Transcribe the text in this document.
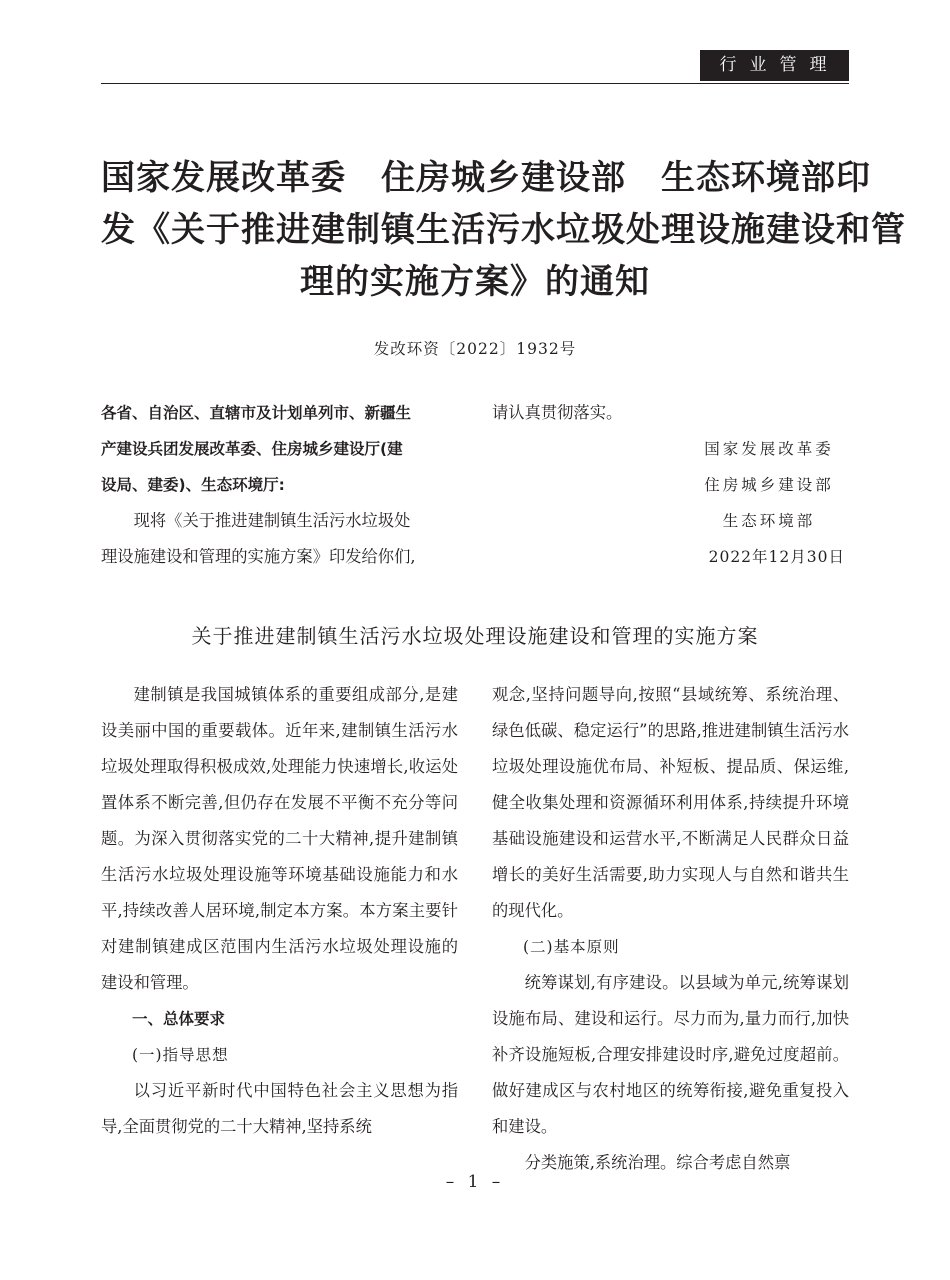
行业管理
国家发展改革委　住房城乡建设部　生态环境部印
发《关于推进建制镇生活污水垃圾处理设施建设和管
理的实施方案》的通知
发改环资〔2022〕1932号
各省、自治区、直辖市及计划单列市、新疆生
产建设兵团发展改革委、住房城乡建设厅(建
设局、建委)、生态环境厅:
现将《关于推进建制镇生活污水垃圾处
理设施建设和管理的实施方案》印发给你们,
请认真贯彻落实。
国家发展改革委
住房城乡建设部
生态环境部
2022年12月30日
关于推进建制镇生活污水垃圾处理设施建设和管理的实施方案

建制镇是我国城镇体系的重要组成部分,是建设美丽中国的重要载体。近年来,建制镇生活污水垃圾处理取得积极成效,处理能力快速增长,收运处置体系不断完善,但仍存在发展不平衡不充分等问题。为深入贯彻落实党的二十大精神,提升建制镇生活污水垃圾处理设施等环境基础设施能力和水平,持续改善人居环境,制定本方案。本方案主要针对建制镇建成区范围内生活污水垃圾处理设施的建设和管理。

一、总体要求

(一)指导思想

以习近平新时代中国特色社会主义思想为指导,全面贯彻党的二十大精神,坚持系统

观念,坚持问题导向,按照“县域统筹、系统治理、绿色低碳、稳定运行”的思路,推进建制镇生活污水垃圾处理设施优布局、补短板、提品质、保运维,健全收集处理和资源循环利用体系,持续提升环境基础设施建设和运营水平,不断满足人民群众日益增长的美好生活需要,助力实现人与自然和谐共生的现代化。

(二)基本原则

统筹谋划,有序建设。以县域为单元,统筹谋划设施布局、建设和运行。尽力而为,量力而行,加快补齐设施短板,合理安排建设时序,避免过度超前。做好建成区与农村地区的统筹衔接,避免重复投入和建设。

分类施策,系统治理。综合考虑自然禀

– 1 –
